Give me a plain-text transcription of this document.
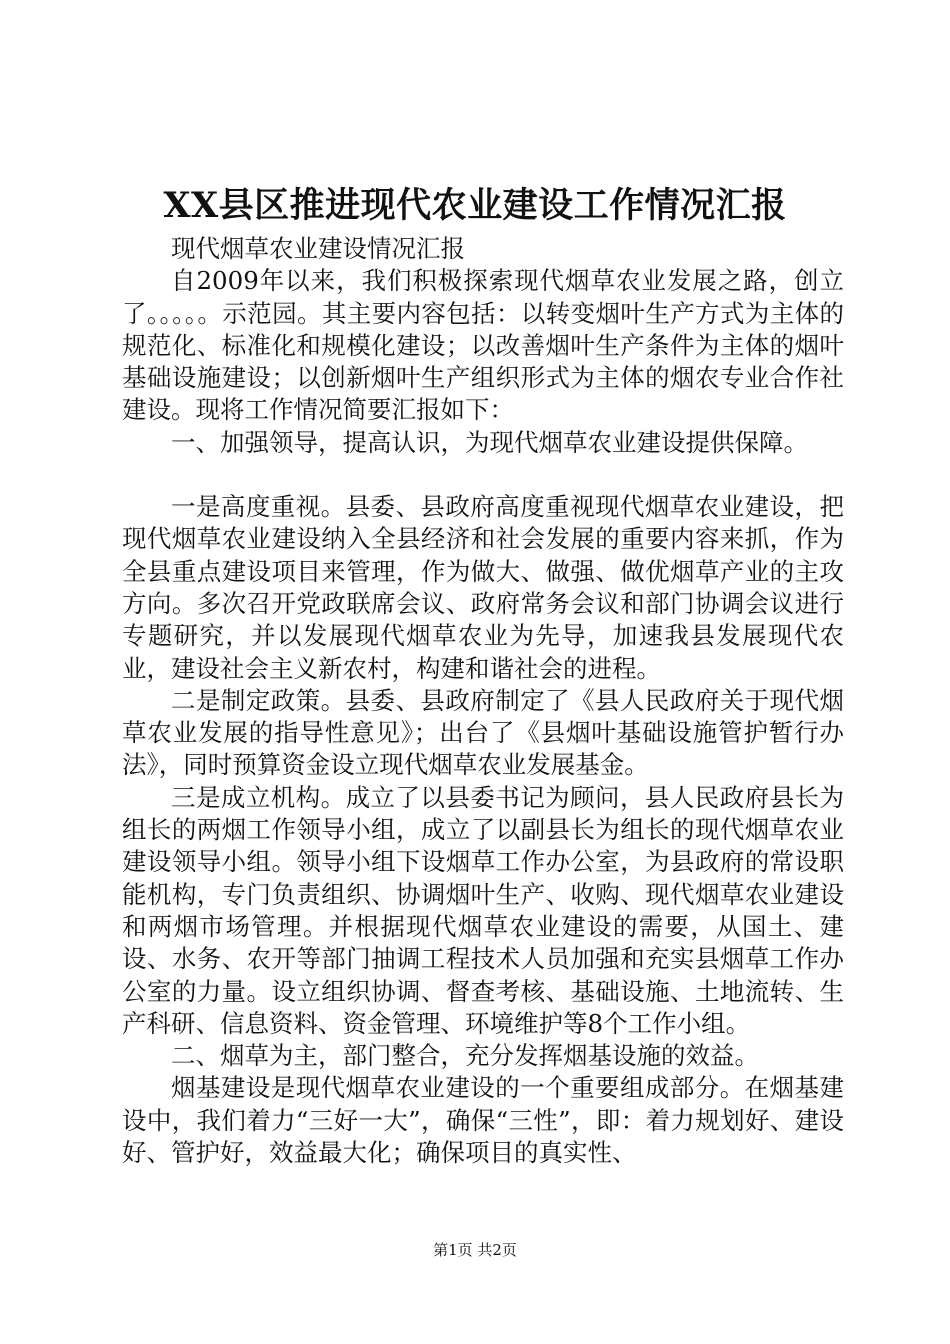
XX县区推进现代农业建设工作情况汇报

现代烟草农业建设情况汇报

自2009年以来，我们积极探索现代烟草农业发展之路，创立了。。。。。示范园。其主要内容包括：以转变烟叶生产方式为主体的规范化、标准化和规模化建设；以改善烟叶生产条件为主体的烟叶基础设施建设；以创新烟叶生产组织形式为主体的烟农专业合作社建设。现将工作情况简要汇报如下：

一、加强领导，提高认识，为现代烟草农业建设提供保障。

一是高度重视。县委、县政府高度重视现代烟草农业建设，把现代烟草农业建设纳入全县经济和社会发展的重要内容来抓，作为全县重点建设项目来管理，作为做大、做强、做优烟草产业的主攻方向。多次召开党政联席会议、政府常务会议和部门协调会议进行专题研究，并以发展现代烟草农业为先导，加速我县发展现代农业，建设社会主义新农村，构建和谐社会的进程。

二是制定政策。县委、县政府制定了《县人民政府关于现代烟草农业发展的指导性意见》；出台了《县烟叶基础设施管护暂行办法》，同时预算资金设立现代烟草农业发展基金。

三是成立机构。成立了以县委书记为顾问，县人民政府县长为组长的两烟工作领导小组，成立了以副县长为组长的现代烟草农业建设领导小组。领导小组下设烟草工作办公室，为县政府的常设职能机构，专门负责组织、协调烟叶生产、收购、现代烟草农业建设和两烟市场管理。并根据现代烟草农业建设的需要，从国土、建设、水务、农开等部门抽调工程技术人员加强和充实县烟草工作办公室的力量。设立组织协调、督查考核、基础设施、土地流转、生产科研、信息资料、资金管理、环境维护等8个工作小组。

二、烟草为主，部门整合，充分发挥烟基设施的效益。

烟基建设是现代烟草农业建设的一个重要组成部分。在烟基建设中，我们着力“三好一大”，确保“三性”，即：着力规划好、建设好、管护好，效益最大化；确保项目的真实性、

第1页 共2页
